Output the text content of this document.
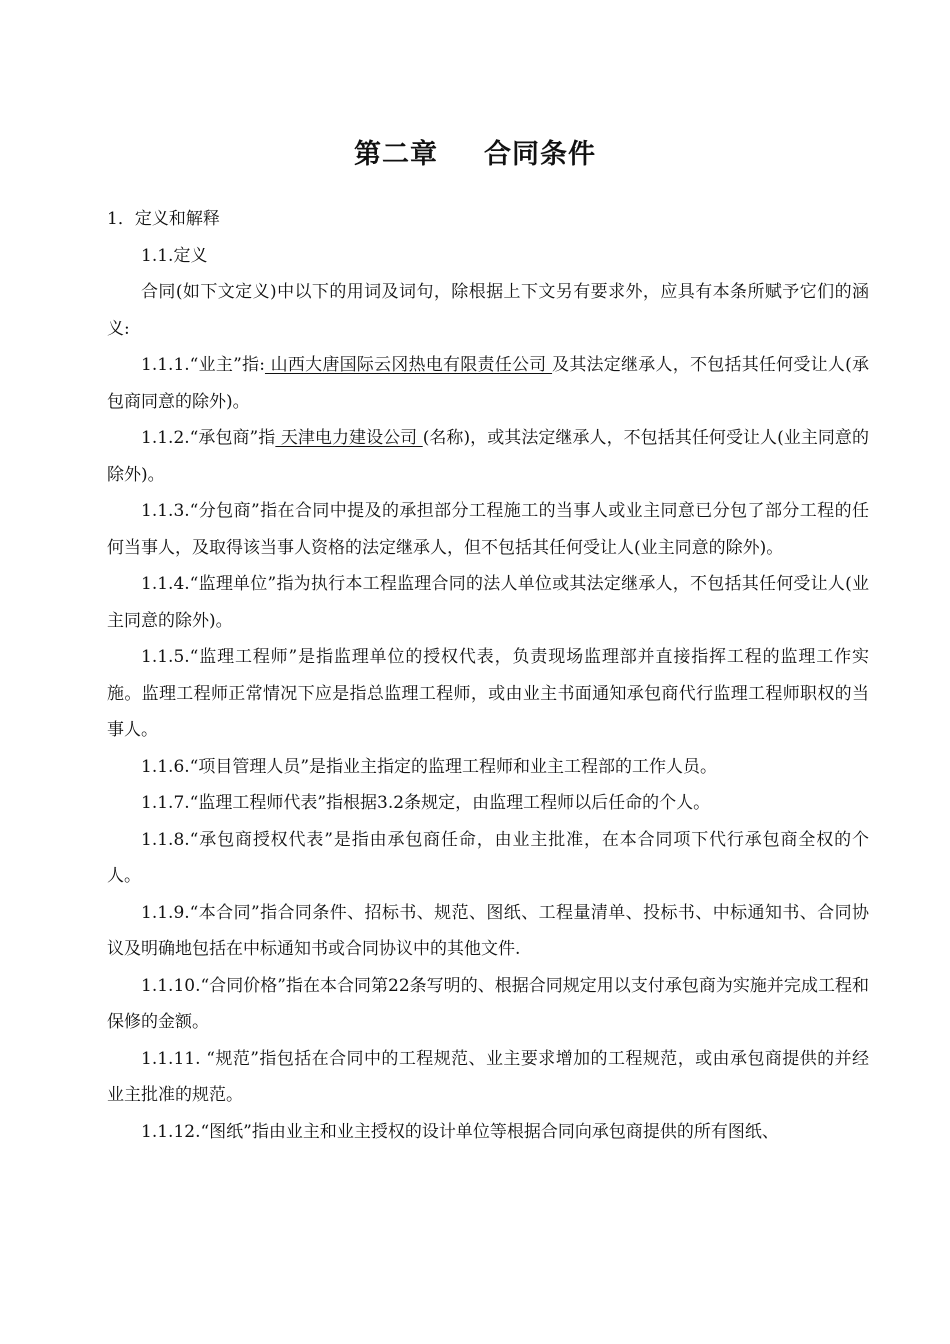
第二章 合同条件

1．定义和解释

1.1.定义

合同(如下文定义)中以下的用词及词句，除根据上下文另有要求外，应具有本条所赋予它们的涵义:

1.1.1.“业主”指: 山西大唐国际云冈热电有限责任公司 及其法定继承人，不包括其任何受让人(承包商同意的除外)。

1.1.2.“承包商”指 天津电力建设公司 (名称)，或其法定继承人，不包括其任何受让人(业主同意的除外)。

1.1.3.“分包商”指在合同中提及的承担部分工程施工的当事人或业主同意已分包了部分工程的任何当事人，及取得该当事人资格的法定继承人，但不包括其任何受让人(业主同意的除外)。

1.1.4.“监理单位”指为执行本工程监理合同的法人单位或其法定继承人，不包括其任何受让人(业主同意的除外)。

1.1.5.“监理工程师”是指监理单位的授权代表，负责现场监理部并直接指挥工程的监理工作实施。监理工程师正常情况下应是指总监理工程师，或由业主书面通知承包商代行监理工程师职权的当事人。

1.1.6.“项目管理人员”是指业主指定的监理工程师和业主工程部的工作人员。

1.1.7.“监理工程师代表”指根据3.2条规定，由监理工程师以后任命的个人。

1.1.8.“承包商授权代表”是指由承包商任命，由业主批准，在本合同项下代行承包商全权的个人。

1.1.9.“本合同”指合同条件、招标书、规范、图纸、工程量清单、投标书、中标通知书、合同协议及明确地包括在中标通知书或合同协议中的其他文件.

1.1.10.“合同价格”指在本合同第22条写明的、根据合同规定用以支付承包商为实施并完成工程和保修的金额。

1.1.11. “规范”指包括在合同中的工程规范、业主要求增加的工程规范，或由承包商提供的并经业主批准的规范。

1.1.12.“图纸”指由业主和业主授权的设计单位等根据合同向承包商提供的所有图纸、
